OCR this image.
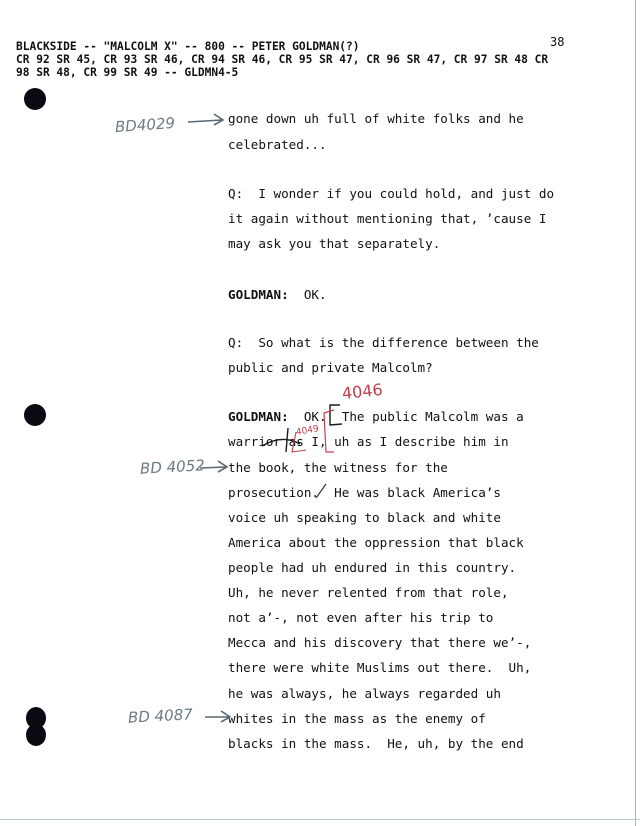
BLACKSIDE -- "MALCOLM X" -- 800 -- PETER GOLDMAN(?)
CR 92 SR 45, CR 93 SR 46, CR 94 SR 46, CR 95 SR 47, CR 96 SR 47, CR 97 SR 48 CR
98 SR 48, CR 99 SR 49 -- GLDMN4-5
38
gone down uh full of white folks and he
celebrated...
Q:  I wonder if you could hold, and just do
it again without mentioning that, ’cause I
may ask you that separately.
GOLDMAN:  OK.
Q:  So what is the difference between the
public and private Malcolm?
GOLDMAN:  OK.  The public Malcolm was a
warrior as I, uh as I describe him in
the book, the witness for the
prosecution.  He was black America’s
voice uh speaking to black and white
America about the oppression that black
people had uh endured in this country.
Uh, he never relented from that role,
not a’-, not even after his trip to
Mecca and his discovery that there we’-,
there were white Muslims out there.  Uh,
he was always, he always regarded uh
whites in the mass as the enemy of
blacks in the mass.  He, uh, by the end
BD4029
BD 4052
BD 4087
4046
4049
